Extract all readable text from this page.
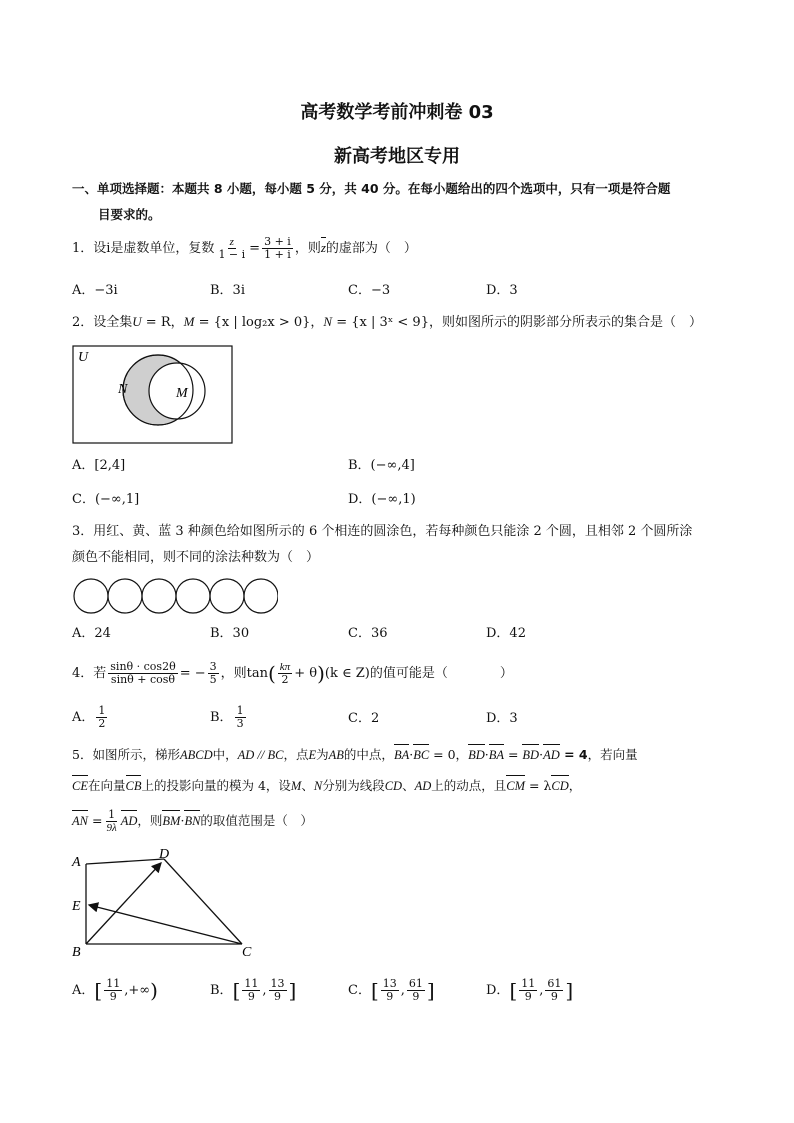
高考数学考前冲刺卷 03
新高考地区专用
一、单项选择题：本题共 8 小题，每小题 5 分，共 40 分。在每小题给出的四个选项中，只有一项是符合题
目要求的。
1．设i是虚数单位，复数 $\frac{z}{1 - i} = \frac{3 + i}{1 + i}$ ，则z的虚部为（　）
A．−3i	B．3i	C．−3	D．3
2．设全集U = R，M = {x | log₂x > 0}，N = {x | 3ˣ < 9}，则如图所示的阴影部分所表示的集合是（　）
U
N	M
A．[2,4]	B．(−∞,4]
C．(−∞,1]	D．(−∞,1)
3．用红、黄、蓝 3 种颜色给如图所示的 6 个相连的圆涂色，若每种颜色只能涂 2 个圆，且相邻 2 个圆所涂
颜色不能相同，则不同的涂法种数为（　）
A．24	B．30	C．36	D．42
4．若 $\frac{\sin\theta \cdot \cos 2\theta}{\sin\theta + \cos\theta}$ = − $\frac{3}{5}$ ，则$\tan( \frac{k\pi}{2} + \theta)(k$ ∈ Z)的值可能是（　　　　）
A． $\frac{1}{2}$	B． $\frac{1}{3}$	C．2	D．3
5．如图所示，梯形ABCD中，AD // BC，点E为AB的中点，BA·BC = 0，BD·BA = BD·AD = 4，若向量
CE在向量CB上的投影向量的模为 4，设M、N分别为线段CD、AD上的动点，且CM = λCD，
AN = $\frac{1}{9\lambda}$ AD，则BM·BN的取值范围是（　）
A
D
E
B	C
A．[ $\frac{11}{9}$ ,+∞)	B．[ $\frac{11}{9}$ , $\frac{13}{9}$ ]	C．[ $\frac{13}{9}$ , $\frac{61}{9}$ ]	D．[ $\frac{11}{9}$ , $\frac{61}{9}$ ]
